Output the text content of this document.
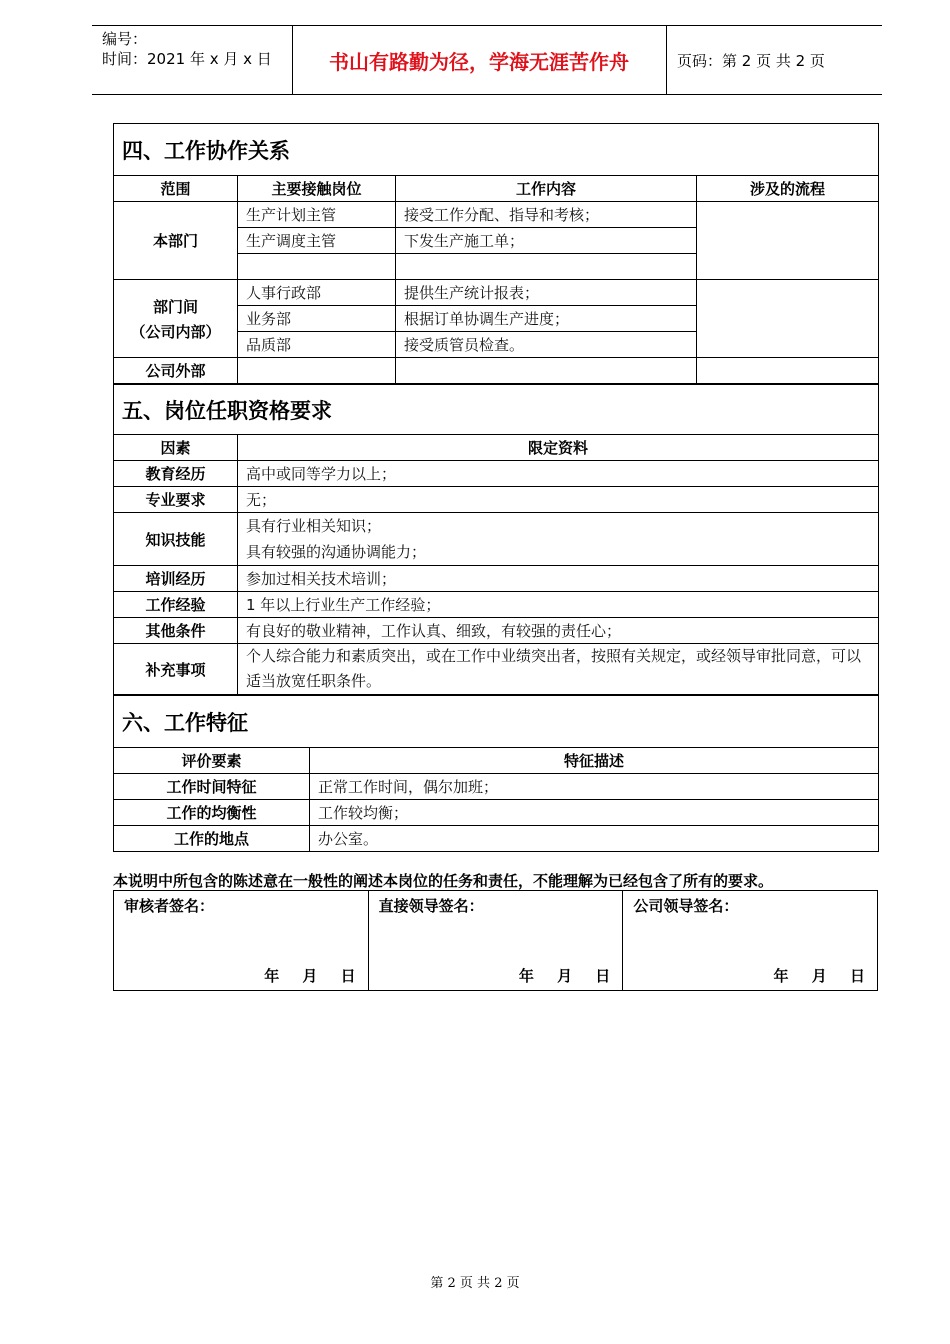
编号：
时间：2021 年 x 月 x 日	书山有路勤为径，学海无涯苦作舟	页码：第 2 页 共 2 页
四、工作协作关系			
范围	主要接触岗位	工作内容	涉及的流程
本部门	生产计划主管	接受工作分配、指导和考核；	
	生产调度主管	下发生产施工单；	

部门间
（公司内部）	人事行政部	提供生产统计报表；	
	业务部	根据订单协调生产进度；	
	品质部	接受质管员检查。	
公司外部			
五、岗位任职资格要求	
因素	限定资料
教育经历	高中或同等学力以上；
专业要求	无；
知识技能	具有行业相关知识；
具有较强的沟通协调能力；

培训经历	参加过相关技术培训；
工作经验	1 年以上行业生产工作经验；
其他条件	有良好的敬业精神，工作认真、细致，有较强的责任心；
补充事项	个人综合能力和素质突出，或在工作中业绩突出者，按照有关规定，或经领导审批同意，可以适当放宽任职条件。
六、工作特征	
评价要素	特征描述
工作时间特征	正常工作时间，偶尔加班；
工作的均衡性	工作较均衡；
工作的地点	办公室。
本说明中所包含的陈述意在一般性的阐述本岗位的任务和责任，不能理解为已经包含了所有的要求。
审核者签名：
年 月 日

直接领导签名：
年 月 日

公司领导签名：
年 月 日
第 2 页 共 2 页
